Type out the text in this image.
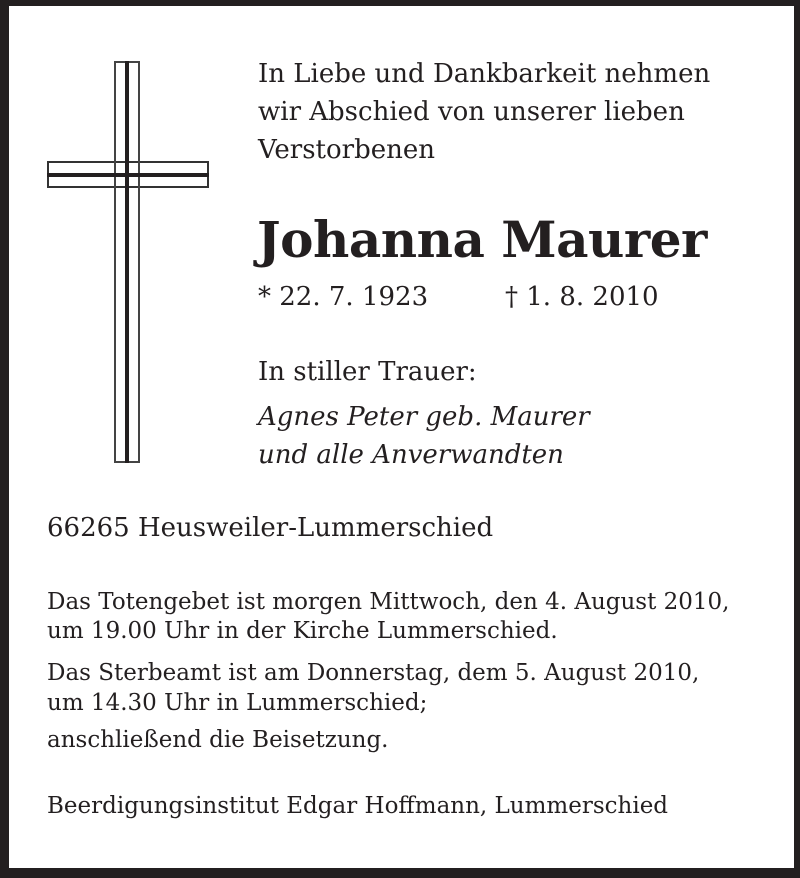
In Liebe und Dankbarkeit nehmen
wir Abschied von unserer lieben
Verstorbenen
Johanna Maurer
* 22. 7. 1923	† 1. 8. 2010
In stiller Trauer:
Agnes Peter geb. Maurer
und alle Anverwandten
66265 Heusweiler-Lummerschied
Das Totengebet ist morgen Mittwoch, den 4. August 2010,
um 19.00 Uhr in der Kirche Lummerschied.
Das Sterbeamt ist am Donnerstag, dem 5. August 2010,
um 14.30 Uhr in Lummerschied;
anschließend die Beisetzung.
Beerdigungsinstitut Edgar Hoffmann, Lummerschied
